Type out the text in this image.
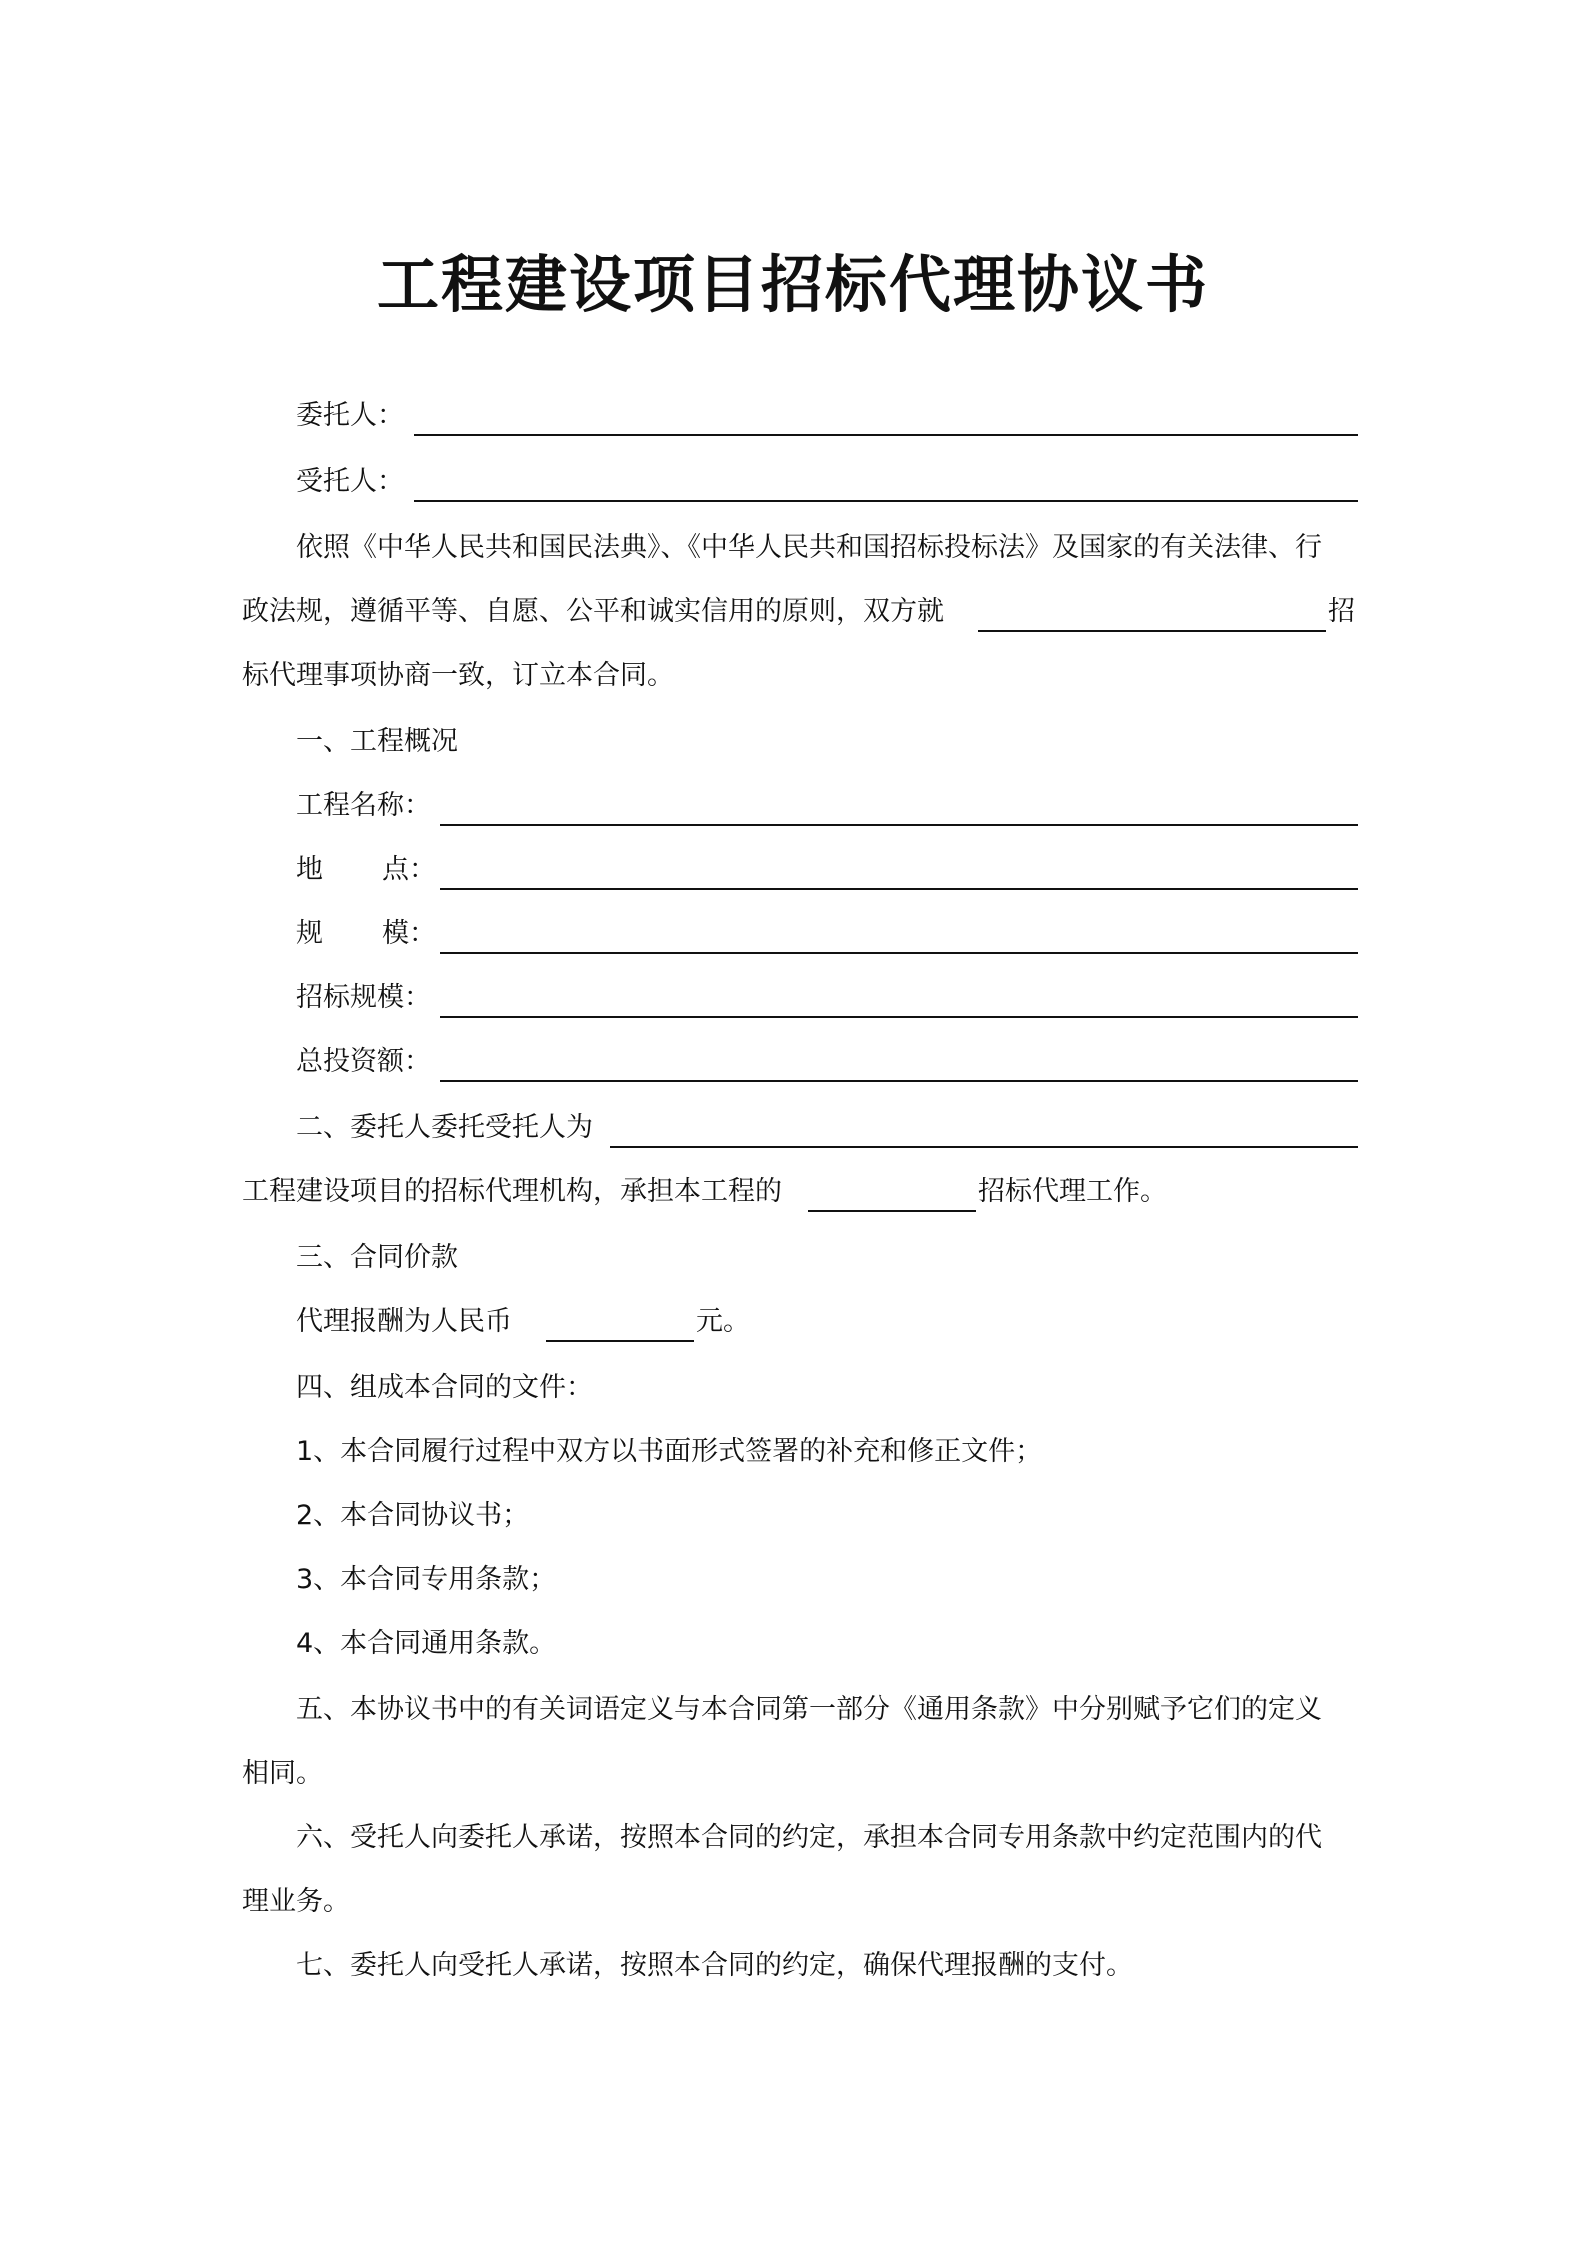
工程建设项目招标代理协议书
委托人：
受托人：
依照《中华人民共和国民法典》、《中华人民共和国招标投标法》及国家的有关法律、行
政法规，遵循平等、自愿、公平和诚实信用的原则，双方就	招
标代理事项协商一致，订立本合同。
一、工程概况
工程名称：
地 点：
规 模：
招标规模：
总投资额：
二、委托人委托受托人为
工程建设项目的招标代理机构，承担本工程的	招标代理工作。
三、合同价款
代理报酬为人民币	元。
四、组成本合同的文件：
1、本合同履行过程中双方以书面形式签署的补充和修正文件；
2、本合同协议书；
3、本合同专用条款；
4、本合同通用条款。
五、本协议书中的有关词语定义与本合同第一部分《通用条款》中分别赋予它们的定义
相同。
六、受托人向委托人承诺，按照本合同的约定，承担本合同专用条款中约定范围内的代
理业务。
七、委托人向受托人承诺，按照本合同的约定，确保代理报酬的支付。
